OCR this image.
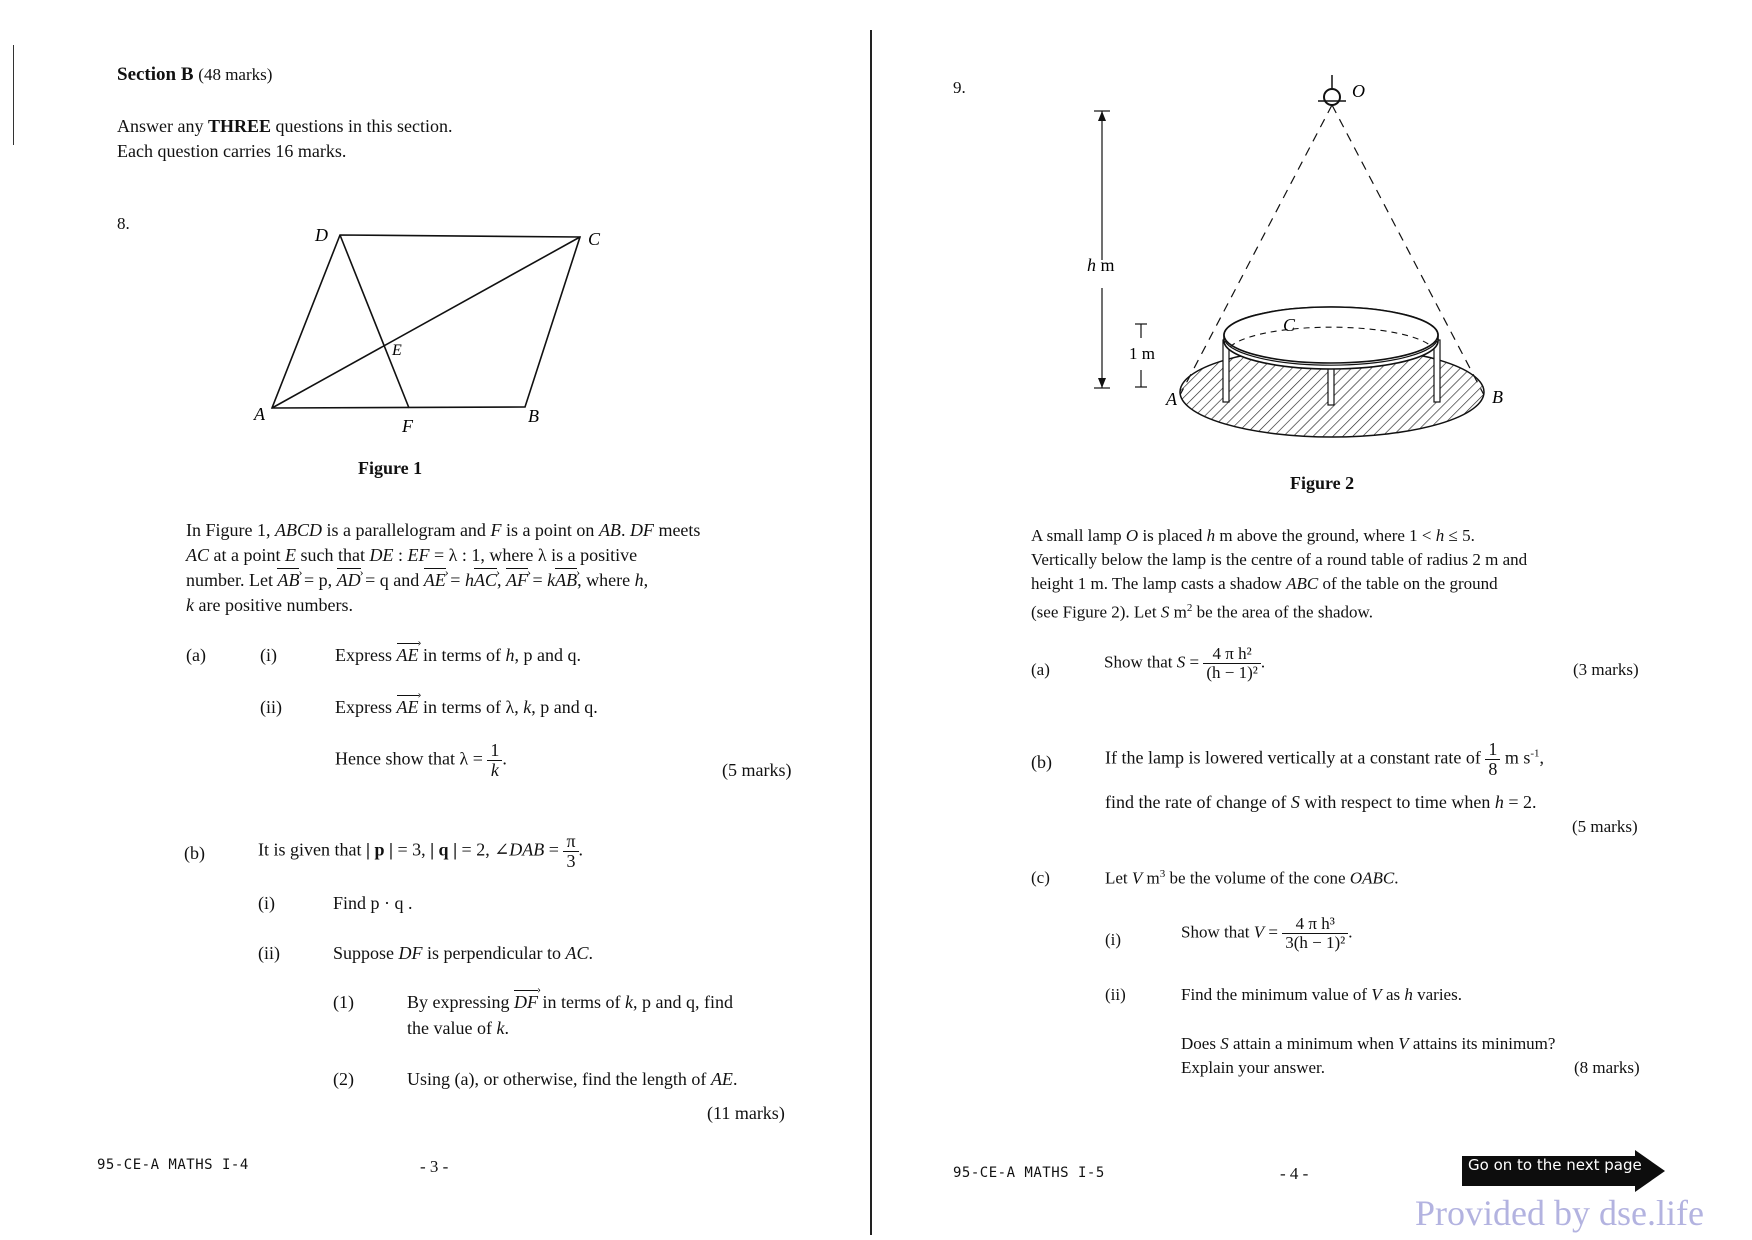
Section B (48 marks)
Answer any THREE questions in this section.
Each question carries 16 marks.
8.
D	C
E
A
F	B
Figure 1
In Figure 1, ABCD is a parallelogram and F is a point on AB. DF meets
AC at a point E such that DE : EF = λ : 1, where λ is a positive
number. Let AB › = p, AD › = q and AE › = hAC ›, AF › = kAB ›, where h,
k are positive numbers.
(a)	(i)	Express AE › in terms of h, p and q.
(ii)	Express AE › in terms of λ, k, p and q.
Hence show that $\lambda = \frac{1}{k}$ .
(5 marks)
(b)	It is given that | p | = 3, | q | = 2, ∠DAB = $\frac{\pi}{3}$ .
(i)	Find p · q .
(ii)	Suppose DF is perpendicular to AC.
(1)	By expressing DF › in terms of k, p and q, find
the value of k.
(2)	Using (a), or otherwise, find the length of AE.
(11 marks)
95-CE-A MATHS I-4	- 3 -
9.
h m
1 m
O
C
A	B
Figure 2
A small lamp O is placed h m above the ground, where 1 < h ≤ 5.
Vertically below the lamp is the centre of a round table of radius 2 m and
height 1 m. The lamp casts a shadow ABC of the table on the ground
(see Figure 2). Let S $m^2$ be the area of the shadow.
(a)	Show that $S = \frac{\text{4 π h²}}{\text{(h − 1)²}}$ .	(3 marks)
(b)	If the lamp is lowered vertically at a constant rate of $\frac{1}{8}$ m $s^{-1}$,
find the rate of change of S with respect to time when h = 2.
(5 marks)
(c)	Let V $m^3$ be the volume of the cone OABC.
(i)	Show that $V = \frac{\text{4 π h³}}{\text{3(h − 1)²}}$ .
(ii)	Find the minimum value of V as h varies.
Does S attain a minimum when V attains its minimum?
Explain your answer.	(8 marks)
95-CE-A MATHS I-5	- 4 -	Go on to the next page
Provided by dse.life
